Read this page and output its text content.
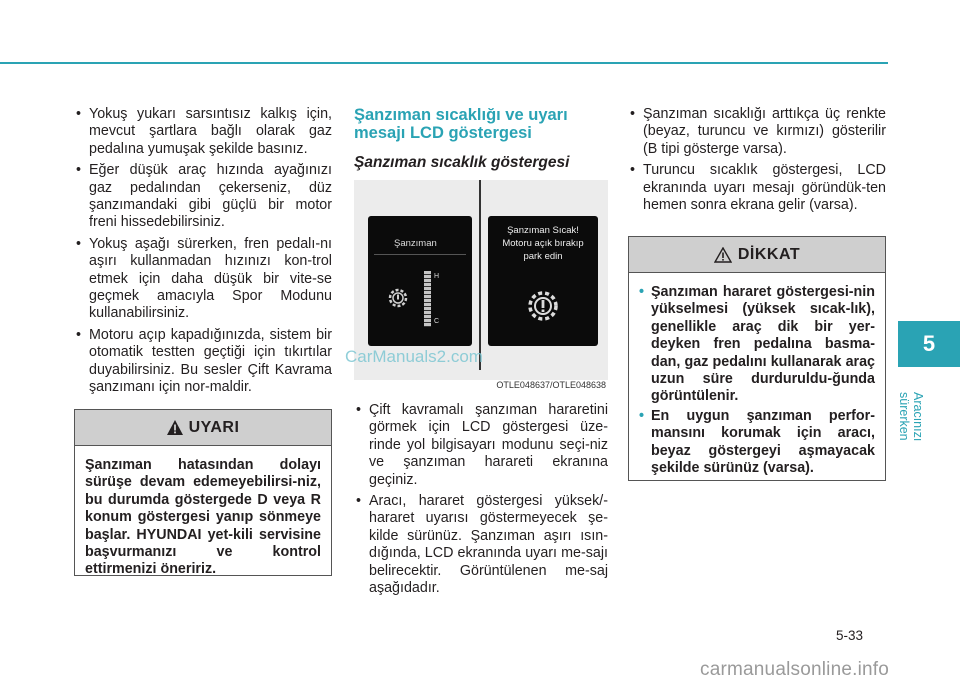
• Yokuş yukarı sarsıntısız kalkış için, mevcut şartlara bağlı olarak gaz pedalına yumuşak şekilde basınız.
• Eğer düşük araç hızında ayağınızı gaz pedalından çekerseniz, düz şanzımandaki gibi güçlü bir motor freni hissedebilirsiniz.
• Yokuş aşağı sürerken, fren pedalı-nı aşırı kullanmadan hızınızı kon-trol etmek için daha düşük bir vite-se geçmek amacıyla Spor Modunu kullanabilirsiniz.
• Motoru açıp kapadığınızda, sistem bir otomatik testten geçtiği için tıkırtılar duyabilirsiniz. Bu sesler Çift Kavrama şanzımanı için nor-maldir.
UYARI
Şanzıman hatasından dolayı sürüşe devam edemeyebilirsi-niz, bu durumda göstergede D veya R konum göstergesi yanıp sönmeye başlar. HYUNDAI yet-kili servisine başvurmanızı ve kontrol ettirmenizi öneririz.
Şanzıman sıcaklığı ve uyarı mesajı LCD göstergesi
Şanzıman sıcaklık göstergesi
Şanzıman
H
C
Şanzıman Sıcak! Motoru açık bırakıp park edin
OTLE048637/OTLE048638
• Çift kavramalı şanzıman hararetini görmek için LCD göstergesi üze-rinde yol bilgisayarı modunu seçi-niz ve şanzıman harareti ekranına geçiniz.
• Aracı, hararet göstergesi yüksek/-hararet uyarısı göstermeyecek şe-kilde sürünüz. Şanzıman aşırı ısın-dığında, LCD ekranında uyarı me-sajı belirecektir. Görüntülenen me-saj aşağıdadır.
CarManuals2.com
• Şanzıman sıcaklığı arttıkça üç renkte (beyaz, turuncu ve kırmızı) gösterilir (B tipi gösterge varsa).
• Turuncu sıcaklık göstergesi, LCD ekranında uyarı mesajı göründük-ten hemen sonra ekrana gelir (varsa).
DİKKAT
• Şanzıman hararet göstergesi-nin yükselmesi (yüksek sıcak-lık), genellikle araç dik bir yer-deyken fren pedalına basma-dan, gaz pedalını kullanarak araç uzun süre durduruldu-ğunda görüntülenir.
• En uygun şanzıman perfor-mansını korumak için aracı, beyaz göstergeyi aşmayacak şekilde sürünüz (varsa).
5
Aracınızı sürerken
5-33
carmanualsonline.info
